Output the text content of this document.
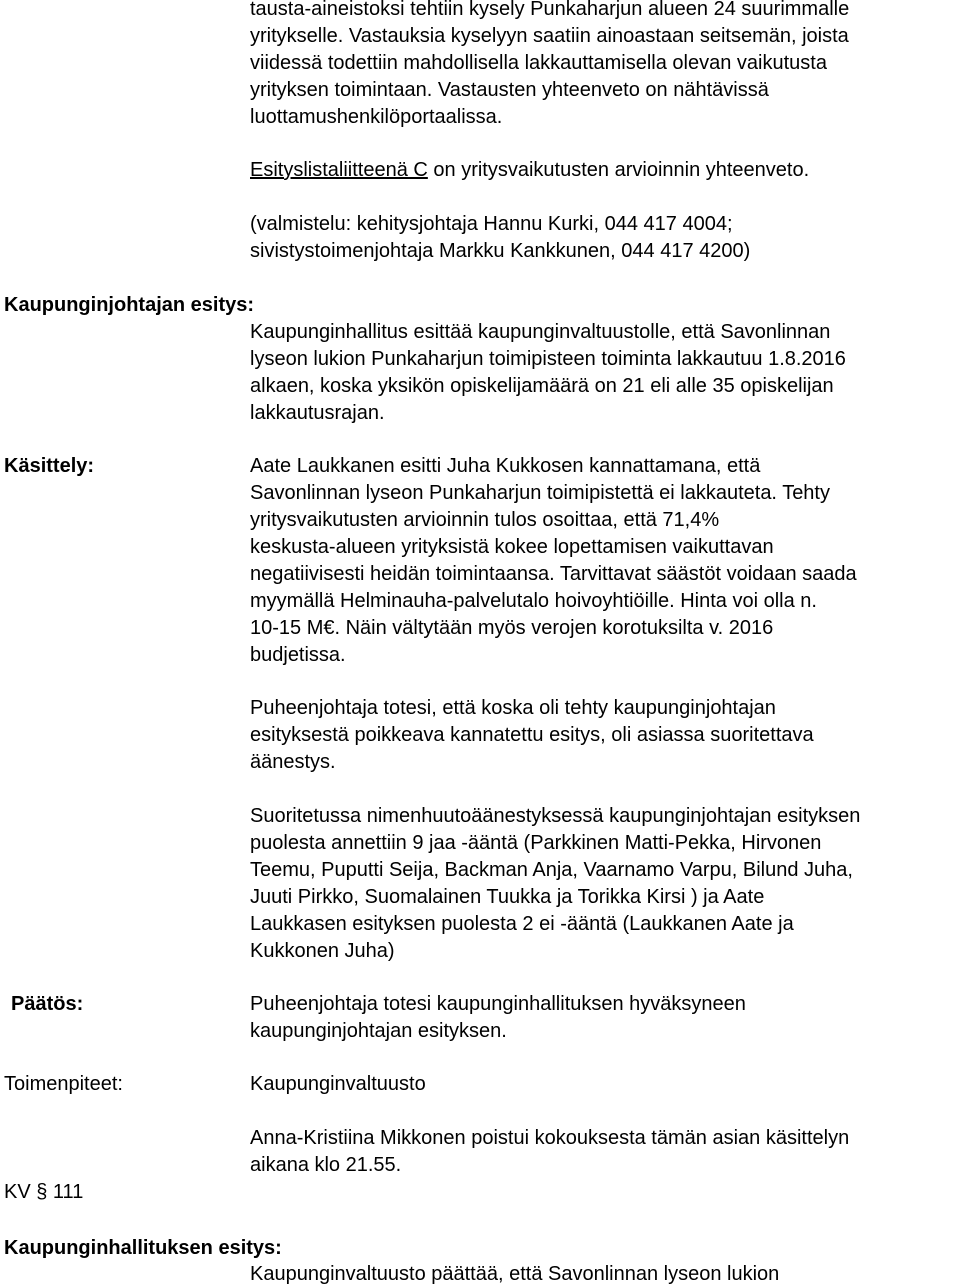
tausta-aineistoksi tehtiin kysely Punkaharjun alueen 24 suurimmalle
yritykselle. Vastauksia kyselyyn saatiin ainoastaan seitsemän, joista
viidessä todettiin mahdollisella lakkauttamisella olevan vaikutusta
yrityksen toimintaan. Vastausten yhteenveto on nähtävissä
luottamushenkilöportaalissa.
Esityslistaliitteenä C on yritysvaikutusten arvioinnin yhteenveto.
(valmistelu: kehitysjohtaja Hannu Kurki, 044 417 4004;
sivistystoimenjohtaja Markku Kankkunen, 044 417 4200)
Kaupunginjohtajan esitys:
Kaupunginhallitus esittää kaupunginvaltuustolle, että Savonlinnan
lyseon lukion Punkaharjun toimipisteen toiminta lakkautuu 1.8.2016
alkaen, koska yksikön opiskelijamäärä on 21 eli alle 35 opiskelijan
lakkautusrajan.
Käsittely:	Aate Laukkanen esitti Juha Kukkosen kannattamana, että
Savonlinnan lyseon Punkaharjun toimipistettä ei lakkauteta. Tehty
yritysvaikutusten arvioinnin tulos osoittaa, että 71,4%
keskusta-alueen yrityksistä kokee lopettamisen vaikuttavan
negatiivisesti heidän toimintaansa. Tarvittavat säästöt voidaan saada
myymällä Helminauha-palvelutalo hoivoyhtiöille. Hinta voi olla n.
10-15 M€. Näin vältytään myös verojen korotuksilta v. 2016
budjetissa.
Puheenjohtaja totesi, että koska oli tehty kaupunginjohtajan
esityksestä poikkeava kannatettu esitys, oli asiassa suoritettava
äänestys.
Suoritetussa nimenhuutoäänestyksessä kaupunginjohtajan esityksen
puolesta annettiin 9 jaa -ääntä (Parkkinen Matti-Pekka, Hirvonen
Teemu, Puputti Seija, Backman Anja, Vaarnamo Varpu, Bilund Juha,
Juuti Pirkko, Suomalainen Tuukka ja Torikka Kirsi ) ja Aate
Laukkasen esityksen puolesta 2 ei -ääntä (Laukkanen Aate ja
Kukkonen Juha)
Päätös:	Puheenjohtaja totesi kaupunginhallituksen hyväksyneen
kaupunginjohtajan esityksen.
Toimenpiteet:	Kaupunginvaltuusto
Anna-Kristiina Mikkonen poistui kokouksesta tämän asian käsittelyn
aikana klo 21.55.
KV § 111
Kaupunginhallituksen esitys:
Kaupunginvaltuusto päättää, että Savonlinnan lyseon lukion
